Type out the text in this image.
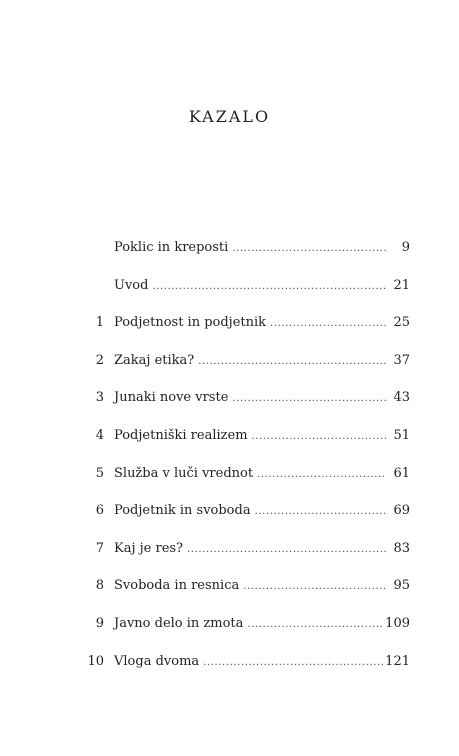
KAZALO
Poklic in kreposti .....	9
Uvod .....	21
1 Podjetnost in podjetnik .....	25
2 Zakaj etika? .....	37
3 Junaki nove vrste .....	43
4 Podjetniški realizem .....	51
5 Služba v luči vrednot .....	61
6 Podjetnik in svoboda .....	69
7 Kaj je res? .....	83
8 Svoboda in resnica .....	95
9 Javno delo in zmota .....	109
10 Vloga dvoma .....	121
